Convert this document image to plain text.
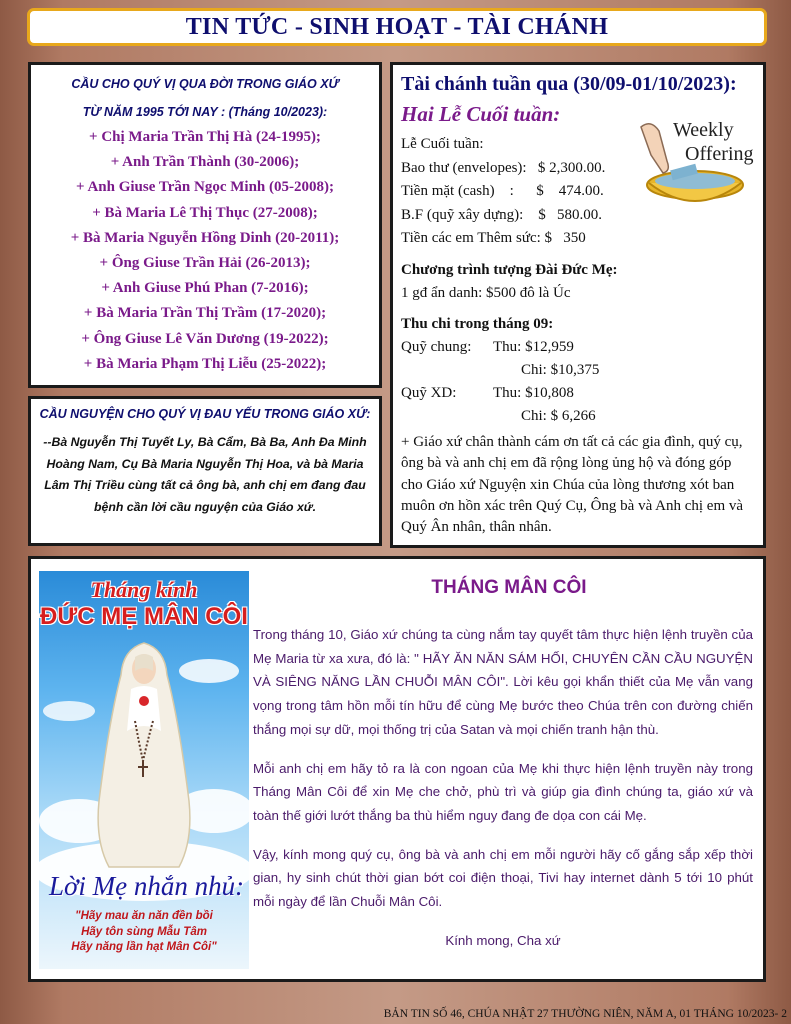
TIN TỨC - SINH HOẠT - TÀI CHÁNH
CẦU CHO QUÝ VỊ QUA ĐỜI TRONG GIÁO XỨ
TỪ NĂM 1995 TỚI NAY : (Tháng 10/2023):
+ Chị Maria Trần Thị Hà (24-1995);
+ Anh Trần Thành (30-2006);
+ Anh Giuse Trần Ngọc Minh (05-2008);
+ Bà Maria Lê Thị Thục (27-2008);
+ Bà Maria Nguyễn Hồng Dinh (20-2011);
+ Ông Giuse Trần Hải (26-2013);
+ Anh Giuse Phú Phan (7-2016);
+ Bà Maria Trần Thị Trầm (17-2020);
+ Ông Giuse Lê Văn Dương (19-2022);
+ Bà Maria Phạm Thị Liễu (25-2022);
CẦU NGUYỆN CHO QUÝ VỊ ĐAU YẾU TRONG GIÁO XỨ:
--Bà Nguyễn Thị Tuyết Ly, Bà Cẩm, Bà Ba, Anh Đa Minh Hoàng Nam, Cụ Bà Maria Nguyễn Thị Hoa, và bà Maria Lâm Thị Triều cùng tất cả ông bà, anh chị em đang đau bệnh cần lời cầu nguyện của Giáo xứ.
Tài chánh tuần qua (30/09-01/10/2023):
Hai Lễ Cuối tuần:
Weekly
Offering
Lễ Cuối tuần:
Bao thư (envelopes):   $ 2,300.00.
Tiền mặt (cash)    :      $    474.00.
B.F (quỹ xây dựng):    $   580.00.
Tiền các em Thêm sức: $   350
Chương trình tượng Đài Đức Mẹ:
1 gđ ẩn danh: $500 đô là Úc
Thu chi trong tháng 09:
Quỹ chung:	Thu: $12,959
Chi: $10,375
Quỹ XD:	Thu: $10,808
Chi: $ 6,266
+ Giáo xứ chân thành cám ơn tất cả các gia đình, quý cụ, ông bà và anh chị em đã rộng lòng ủng hộ và đóng góp cho Giáo xứ Nguyện xin Chúa của lòng thương xót ban muôn ơn hồn xác trên Quý Cụ, Ông bà và Anh chị em và Quý Ân nhân, thân nhân.
Tháng kính
ĐỨC MẸ MÂN CÔI
Lời Mẹ nhắn nhủ:
"Hãy mau ăn năn đền bồi
Hãy tôn sùng Mẫu Tâm
Hãy năng lần hạt Mân Côi"
THÁNG MÂN CÔI

Trong tháng 10, Giáo xứ chúng ta cùng nắm tay quyết tâm thực hiện lệnh truyền của Mẹ Maria từ xa xưa, đó là: " HÃY ĂN NĂN SÁM HỐI, CHUYÊN CẦN CẦU NGUYỆN VÀ SIÊNG NĂNG LẦN CHUỖI MÂN CÔI". Lời kêu gọi khẩn thiết của Mẹ vẫn vang vọng trong tâm hồn mỗi tín hữu để cùng Mẹ bước theo Chúa trên con đường chiến thắng mọi sự dữ, mọi thống trị của Satan và mọi chiến tranh hận thù.

Mỗi anh chị em hãy tỏ ra là con ngoan của Mẹ khi thực hiện lệnh truyền này trong Tháng Mân Côi để xin Mẹ che chở, phù trì và giúp gia đình chúng ta, giáo xứ và toàn thế giới lướt thắng ba thù hiểm nguy đang đe dọa con cái Mẹ.

Vậy, kính mong quý cụ, ông bà và anh chị em mỗi người hãy cố gắng sắp xếp thời gian, hy sinh chút thời gian bớt coi điện thoại, Tivi hay internet dành 5 tới 10 phút mỗi ngày để lần Chuỗi Mân Côi.

Kính mong, Cha xứ

BẢN TIN SỐ 46, CHÚA NHẬT 27 THƯỜNG NIÊN, NĂM A, 01 THÁNG 10/2023- 2
